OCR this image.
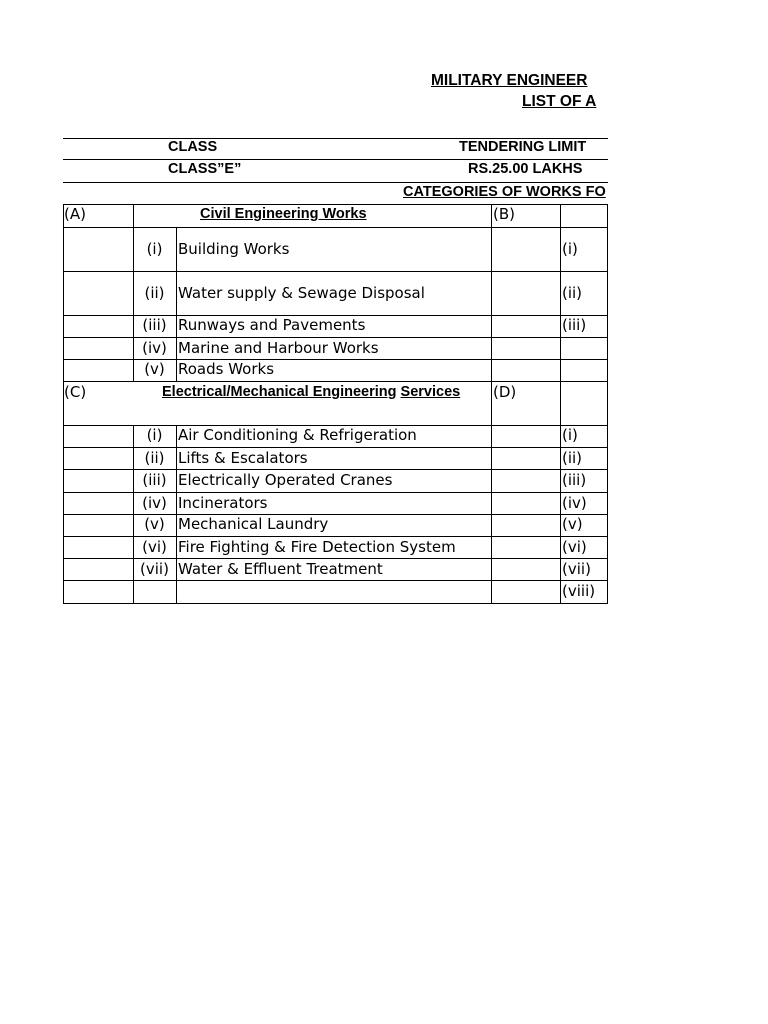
MILITARY ENGINEER
LIST OF A
CLASS	TENDERING LIMIT
CLASS”E”	RS.25.00 LAKHS
CATEGORIES OF WORKS FO
(A)	Civil Engineering Works	(B)
(i)	Building Works	(i)
(ii) Water supply & Sewage Disposal	(ii)
(iii) Runways and Pavements	(iii)
(iv) Marine and Harbour Works
(v) Roads Works
(C)	Electrical/Mechanical Engineering Services (D)
(i)	Air Conditioning & Refrigeration	(i)
(ii) Lifts & Escalators	(ii)
(iii) Electrically Operated Cranes	(iii)
(iv) Incinerators	(iv)
(v) Mechanical Laundry	(v)
(vi) Fire Fighting & Fire Detection System	(vi)
(vii) Water & Effluent Treatment	(vii)
(viii)
